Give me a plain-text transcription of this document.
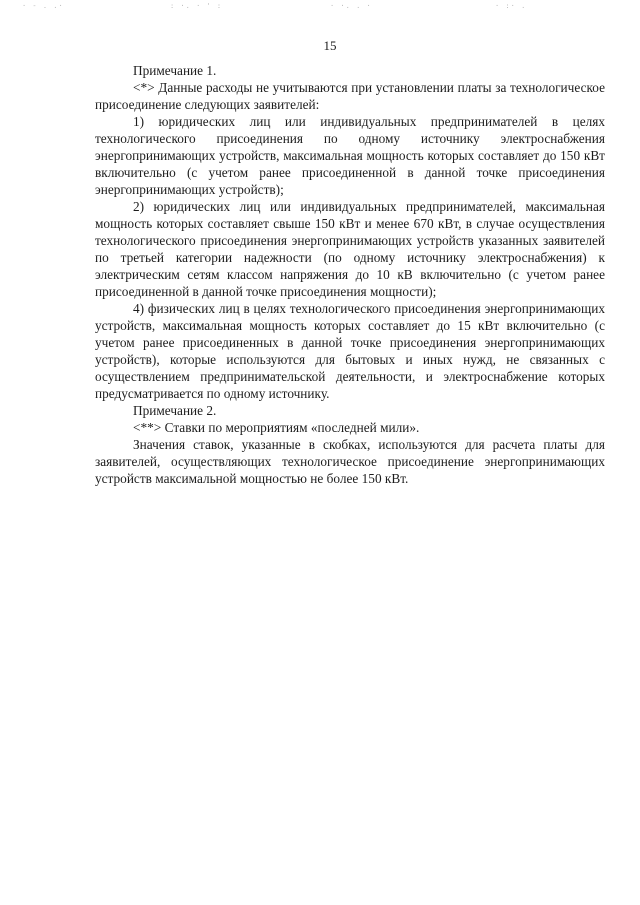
· - . .·	: ·. · ' :	· ·. . ·	· :· .
15

Примечание 1.

<*> Данные расходы не учитываются при установлении платы за технологическое присоединение следующих заявителей:

1) юридических лиц или индивидуальных предпринимателей в целях технологического присоединения по одному источнику электроснабжения энергопринимающих устройств, максимальная мощность которых составляет до 150 кВт включительно (с учетом ранее присоединенной в данной точке присоединения энергопринимающих устройств);

2) юридических лиц или индивидуальных предпринимателей, максимальная мощность которых составляет свыше 150 кВт и менее 670 кВт, в случае осуществления технологического присоединения энергопринимающих устройств указанных заявителей по третьей категории надежности (по одному источнику электроснабжения) к электрическим сетям классом напряжения до 10 кВ включительно (с учетом ранее присоединенной в данной точке присоединения мощности);

4) физических лиц в целях технологического присоединения энергопринимающих устройств, максимальная мощность которых составляет до 15 кВт включительно (с учетом ранее присоединенных в данной точке присоединения энергопринимающих устройств), которые используются для бытовых и иных нужд, не связанных с осуществлением предпринимательской деятельности, и электроснабжение которых предусматривается по одному источнику.

Примечание 2.

<**> Ставки по мероприятиям «последней мили».

Значения ставок, указанные в скобках, используются для расчета платы для заявителей, осуществляющих технологическое присоединение энергопринимающих устройств максимальной мощностью не более 150 кВт.
